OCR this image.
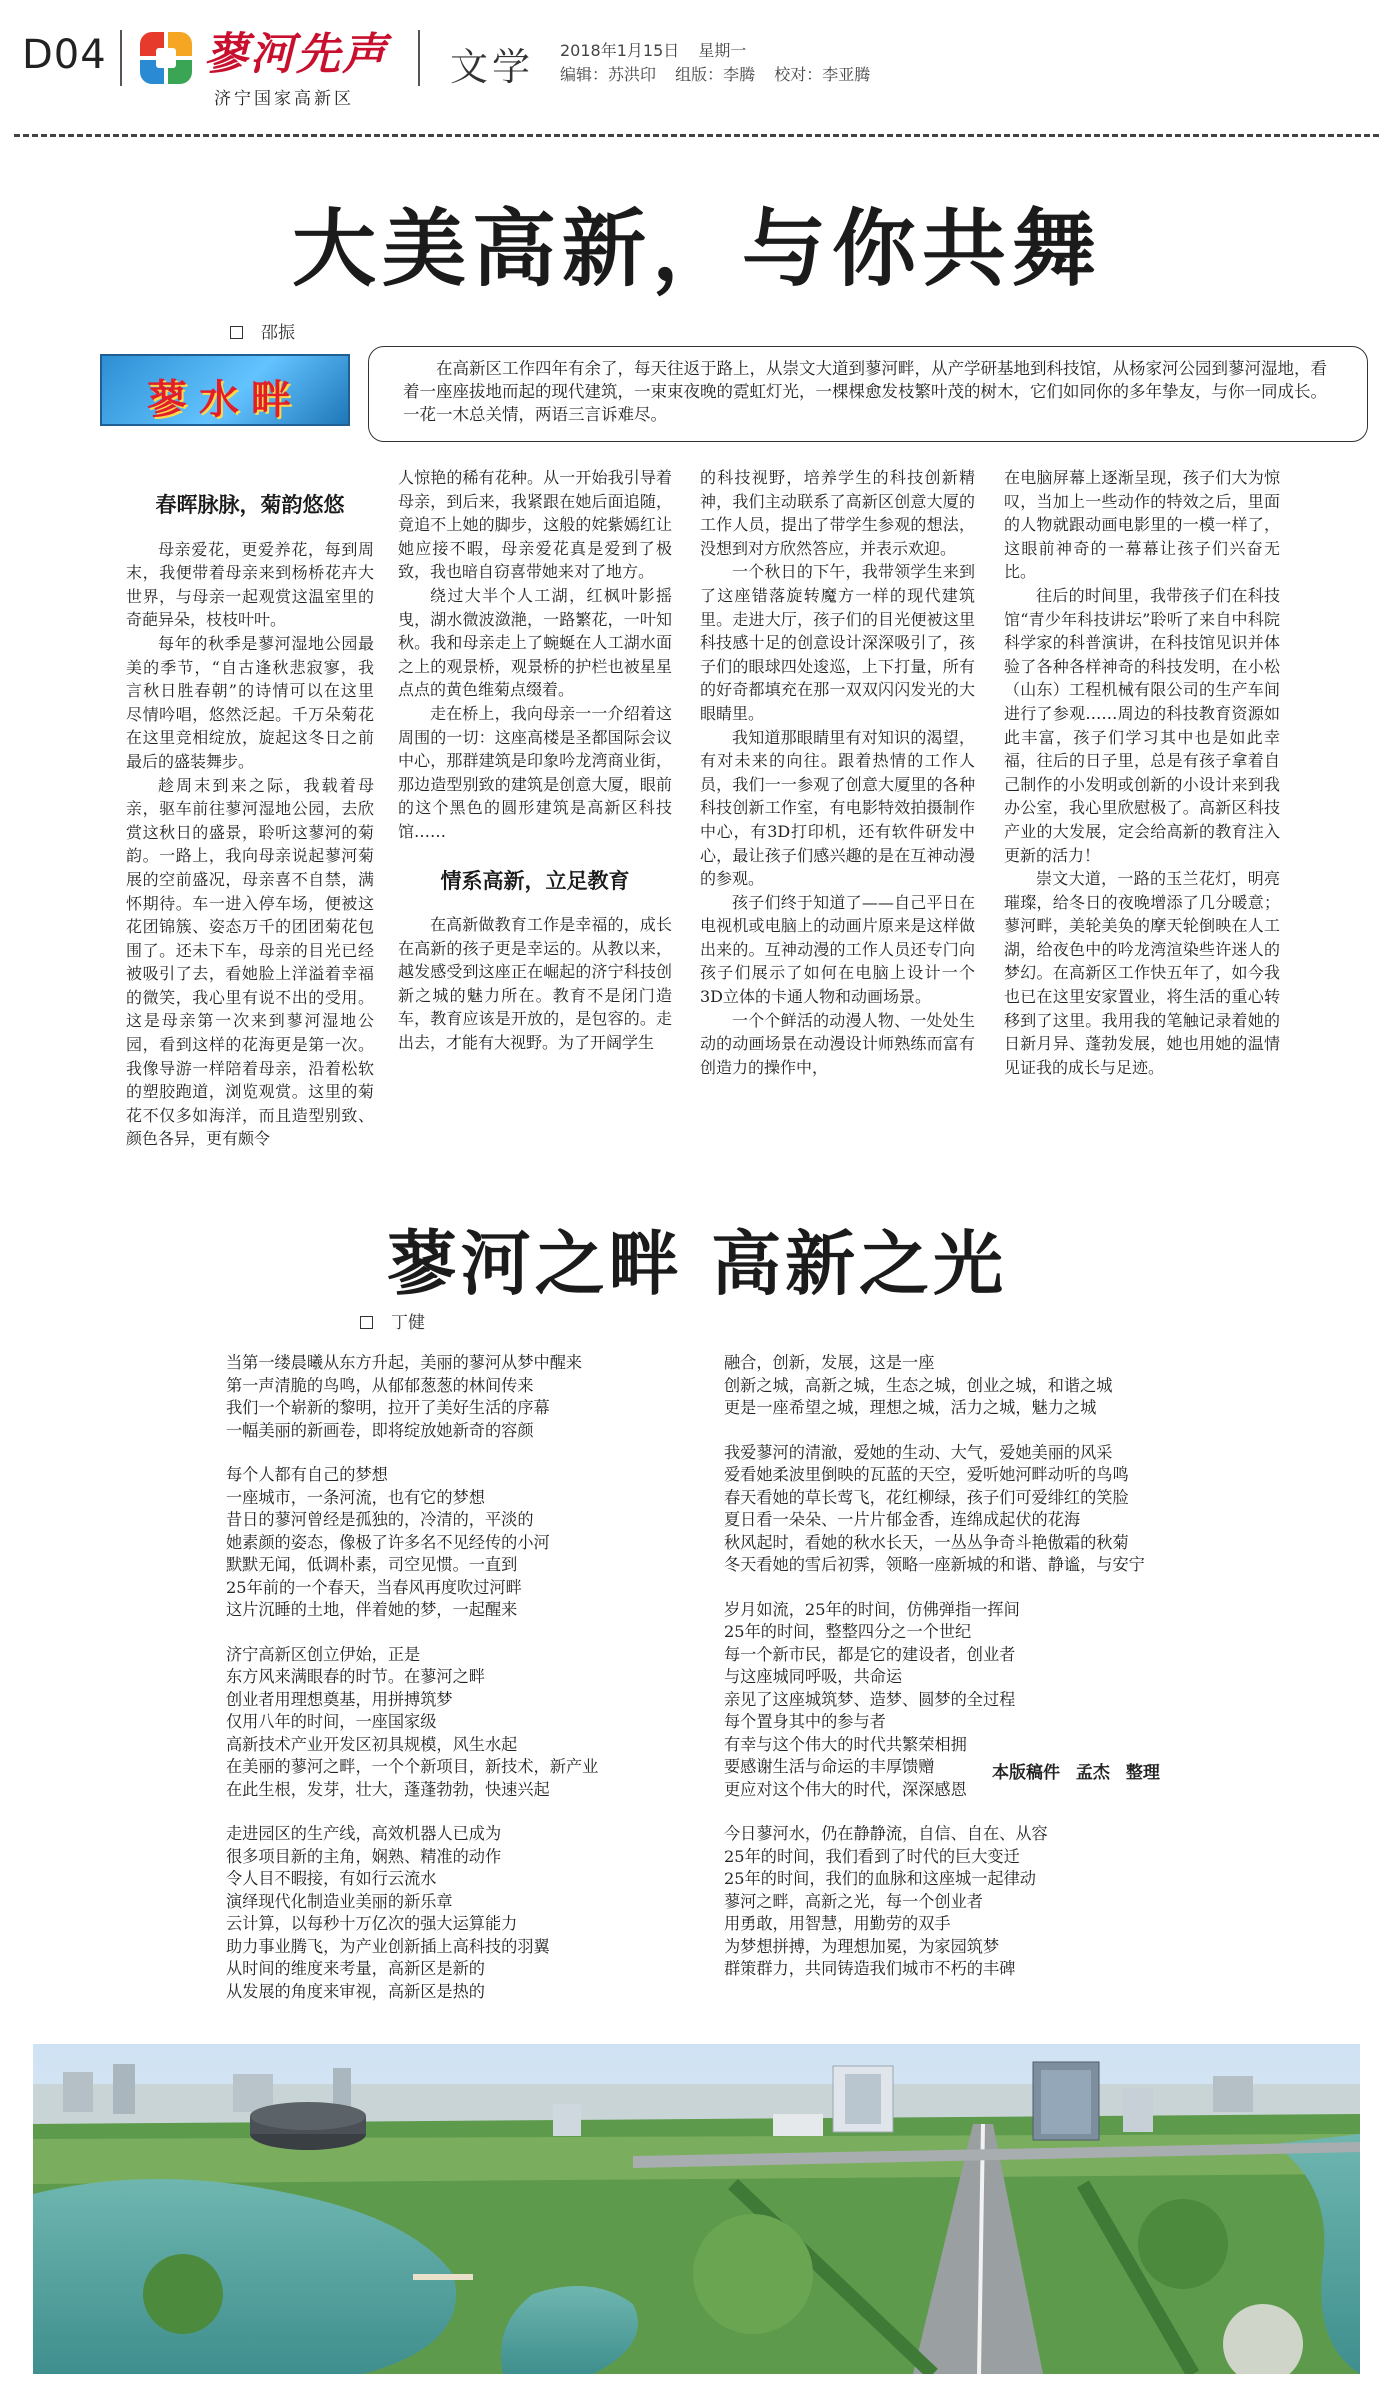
D04 蓼河先声
济宁国家高新区
文学 2018年1月15日 星期一
编辑：苏洪印 组版：李腾 校对：李亚腾
大美高新，与你共舞
邵振
蓼水畔
在高新区工作四年有余了，每天往返于路上，从崇文大道到蓼河畔，从产学研基地到科技馆，从杨家河公园到蓼河湿地，看着一座座拔地而起的现代建筑，一束束夜晚的霓虹灯光，一棵棵愈发枝繁叶茂的树木，它们如同你的多年挚友，与你一同成长。一花一木总关情，两语三言诉难尽。
春晖脉脉，菊韵悠悠

母亲爱花，更爱养花，每到周末，我便带着母亲来到杨桥花卉大世界，与母亲一起观赏这温室里的奇葩异朵，枝枝叶叶。

每年的秋季是蓼河湿地公园最美的季节，“自古逢秋悲寂寥，我言秋日胜春朝”的诗情可以在这里尽情吟唱，悠然泛起。千万朵菊花在这里竞相绽放，旋起这冬日之前最后的盛装舞步。

趁周末到来之际，我载着母亲，驱车前往蓼河湿地公园，去欣赏这秋日的盛景，聆听这蓼河的菊韵。一路上，我向母亲说起蓼河菊展的空前盛况，母亲喜不自禁，满怀期待。车一进入停车场，便被这花团锦簇、姿态万千的团团菊花包围了。还未下车，母亲的目光已经被吸引了去，看她脸上洋溢着幸福的微笑，我心里有说不出的受用。这是母亲第一次来到蓼河湿地公园，看到这样的花海更是第一次。我像导游一样陪着母亲，沿着松软的塑胶跑道，浏览观赏。这里的菊花不仅多如海洋，而且造型别致、颜色各异，更有颇令

人惊艳的稀有花种。从一开始我引导着母亲，到后来，我紧跟在她后面追随，竟追不上她的脚步，这般的姹紫嫣红让她应接不暇，母亲爱花真是爱到了极致，我也暗自窃喜带她来对了地方。

绕过大半个人工湖，红枫叶影摇曳，湖水微波潋滟，一路繁花，一叶知秋。我和母亲走上了蜿蜒在人工湖水面之上的观景桥，观景桥的护栏也被星星点点的黄色维菊点缀着。

走在桥上，我向母亲一一介绍着这周围的一切：这座高楼是圣都国际会议中心，那群建筑是印象吟龙湾商业街，那边造型别致的建筑是创意大厦，眼前的这个黑色的圆形建筑是高新区科技馆……

情系高新，立足教育

在高新做教育工作是幸福的，成长在高新的孩子更是幸运的。从教以来，越发感受到这座正在崛起的济宁科技创新之城的魅力所在。教育不是闭门造车，教育应该是开放的，是包容的。走出去，才能有大视野。为了开阔学生

的科技视野，培养学生的科技创新精神，我们主动联系了高新区创意大厦的工作人员，提出了带学生参观的想法，没想到对方欣然答应，并表示欢迎。

一个秋日的下午，我带领学生来到了这座错落旋转魔方一样的现代建筑里。走进大厅，孩子们的目光便被这里科技感十足的创意设计深深吸引了，孩子们的眼球四处逡巡，上下打量，所有的好奇都填充在那一双双闪闪发光的大眼睛里。

我知道那眼睛里有对知识的渴望，有对未来的向往。跟着热情的工作人员，我们一一参观了创意大厦里的各种科技创新工作室，有电影特效拍摄制作中心，有3D打印机，还有软件研发中心，最让孩子们感兴趣的是在互神动漫的参观。

孩子们终于知道了——自己平日在电视机或电脑上的动画片原来是这样做出来的。互神动漫的工作人员还专门向孩子们展示了如何在电脑上设计一个3D立体的卡通人物和动画场景。

一个个鲜活的动漫人物、一处处生动的动画场景在动漫设计师熟练而富有创造力的操作中，

在电脑屏幕上逐渐呈现，孩子们大为惊叹，当加上一些动作的特效之后，里面的人物就跟动画电影里的一模一样了，这眼前神奇的一幕幕让孩子们兴奋无比。

往后的时间里，我带孩子们在科技馆“青少年科技讲坛”聆听了来自中科院科学家的科普演讲，在科技馆见识并体验了各种各样神奇的科技发明，在小松（山东）工程机械有限公司的生产车间进行了参观……周边的科技教育资源如此丰富，孩子们学习其中也是如此幸福，往后的日子里，总是有孩子拿着自己制作的小发明或创新的小设计来到我办公室，我心里欣慰极了。高新区科技产业的大发展，定会给高新的教育注入更新的活力！

崇文大道，一路的玉兰花灯，明亮璀璨，给冬日的夜晚增添了几分暖意；蓼河畔，美轮美奂的摩天轮倒映在人工湖，给夜色中的吟龙湾渲染些许迷人的梦幻。在高新区工作快五年了，如今我也已在这里安家置业，将生活的重心转移到了这里。我用我的笔触记录着她的日新月异、蓬勃发展，她也用她的温情见证我的成长与足迹。

蓼河之畔 高新之光
丁健
当第一缕晨曦从东方升起，美丽的蓼河从梦中醒来
第一声清脆的鸟鸣，从郁郁葱葱的林间传来
我们一个崭新的黎明，拉开了美好生活的序幕
一幅美丽的新画卷，即将绽放她新奇的容颜
每个人都有自己的梦想
一座城市，一条河流，也有它的梦想
昔日的蓼河曾经是孤独的，冷清的，平淡的
她素颜的姿态，像极了许多名不见经传的小河
默默无闻，低调朴素，司空见惯。一直到
25年前的一个春天，当春风再度吹过河畔
这片沉睡的土地，伴着她的梦，一起醒来
济宁高新区创立伊始，正是
东方风来满眼春的时节。在蓼河之畔
创业者用理想奠基，用拼搏筑梦
仅用八年的时间，一座国家级
高新技术产业开发区初具规模，风生水起
在美丽的蓼河之畔，一个个新项目，新技术，新产业
在此生根，发芽，壮大，蓬蓬勃勃，快速兴起
走进园区的生产线，高效机器人已成为
很多项目新的主角，娴熟、精准的动作
令人目不暇接，有如行云流水
演绎现代化制造业美丽的新乐章
云计算，以每秒十万亿次的强大运算能力
助力事业腾飞，为产业创新插上高科技的羽翼
从时间的维度来考量，高新区是新的
从发展的角度来审视，高新区是热的
融合，创新，发展，这是一座
创新之城，高新之城，生态之城，创业之城，和谐之城
更是一座希望之城，理想之城，活力之城，魅力之城
我爱蓼河的清澈，爱她的生动、大气，爱她美丽的风采
爱看她柔波里倒映的瓦蓝的天空，爱听她河畔动听的鸟鸣
春天看她的草长莺飞，花红柳绿，孩子们可爱绯红的笑脸
夏日看一朵朵、一片片郁金香，连绵成起伏的花海
秋风起时，看她的秋水长天，一丛丛争奇斗艳傲霜的秋菊
冬天看她的雪后初霁，领略一座新城的和谐、静谧，与安宁
岁月如流，25年的时间，仿佛弹指一挥间
25年的时间，整整四分之一个世纪
每一个新市民，都是它的建设者，创业者
与这座城同呼吸，共命运
亲见了这座城筑梦、造梦、圆梦的全过程
每个置身其中的参与者
有幸与这个伟大的时代共繁荣相拥
要感谢生活与命运的丰厚馈赠
更应对这个伟大的时代，深深感恩
今日蓼河水，仍在静静流，自信、自在、从容
25年的时间，我们看到了时代的巨大变迁
25年的时间，我们的血脉和这座城一起律动
蓼河之畔，高新之光，每一个创业者
用勇敢，用智慧，用勤劳的双手
为梦想拼搏，为理想加冕，为家园筑梦
群策群力，共同铸造我们城市不朽的丰碑
本版稿件 孟杰 整理
